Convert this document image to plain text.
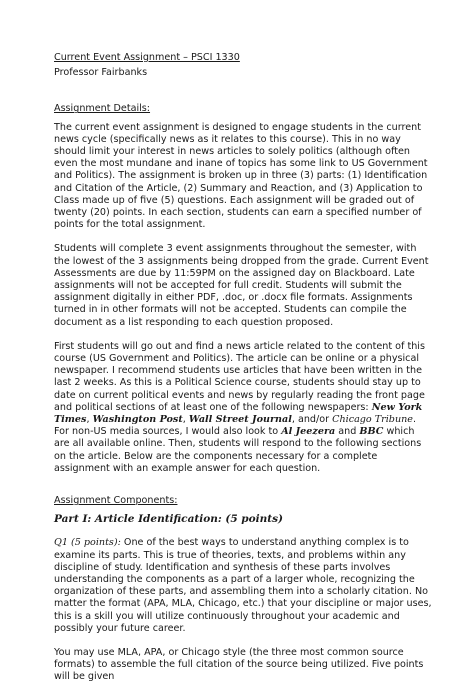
Current Event Assignment – PSCI 1330

Professor Fairbanks

Assignment Details:

The current event assignment is designed to engage students in the current news cycle (specifically news as it relates to this course). This in no way should limit your interest in news articles to solely politics (although often even the most mundane and inane of topics has some link to US Government and Politics). The assignment is broken up in three (3) parts: (1) Identification and Citation of the Article, (2) Summary and Reaction, and (3) Application to Class made up of five (5) questions. Each assignment will be graded out of twenty (20) points. In each section, students can earn a specified number of points for the total assignment.

Students will complete 3 event assignments throughout the semester, with the lowest of the 3 assignments being dropped from the grade. Current Event Assessments are due by 11:59PM on the assigned day on Blackboard. Late assignments will not be accepted for full credit. Students will submit the assignment digitally in either PDF, .doc, or .docx file formats. Assignments turned in in other formats will not be accepted. Students can compile the document as a list responding to each question proposed.

First students will go out and find a news article related to the content of this course (US Government and Politics). The article can be online or a physical newspaper. I recommend students use articles that have been written in the last 2 weeks. As this is a Political Science course, students should stay up to date on current political events and news by regularly reading the front page and political sections of at least one of the following newspapers: New York Times, Washington Post, Wall Street Journal, and/or Chicago Tribune. For non-US media sources, I would also look to Al Jeezera and BBC which are all available online. Then, students will respond to the following sections on the article. Below are the components necessary for a complete assignment with an example answer for each question.

Assignment Components:

Part I: Article Identification: (5 points)

Q1 (5 points): One of the best ways to understand anything complex is to examine its parts. This is true of theories, texts, and problems within any discipline of study. Identification and synthesis of these parts involves understanding the components as a part of a larger whole, recognizing the organization of these parts, and assembling them into a scholarly citation. No matter the format (APA, MLA, Chicago, etc.) that your discipline or major uses, this is a skill you will utilize continuously throughout your academic and possibly your future career.

You may use MLA, APA, or Chicago style (the three most common source formats) to assemble the full citation of the source being utilized. Five points will be given
